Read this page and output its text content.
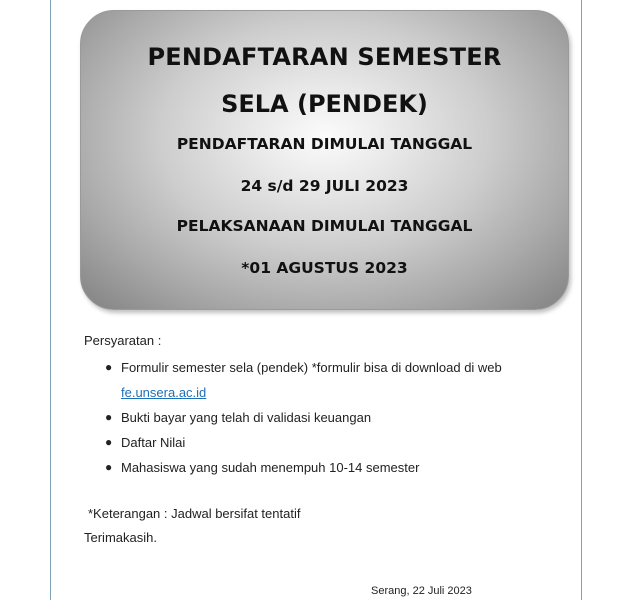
PENDAFTARAN SEMESTER
SELA (PENDEK)
PENDAFTARAN DIMULAI TANGGAL
24 s/d 29 JULI 2023
PELAKSANAAN DIMULAI TANGGAL
*01 AGUSTUS 2023
Persyaratan :
● Formulir semester sela (pendek) *formulir bisa di download di web
fe.unsera.ac.id
● Bukti bayar yang telah di validasi keuangan
● Daftar Nilai
● Mahasiswa yang sudah menempuh 10-14 semester
*Keterangan : Jadwal bersifat tentatif
Terimakasih.
Serang, 22 Juli 2023
